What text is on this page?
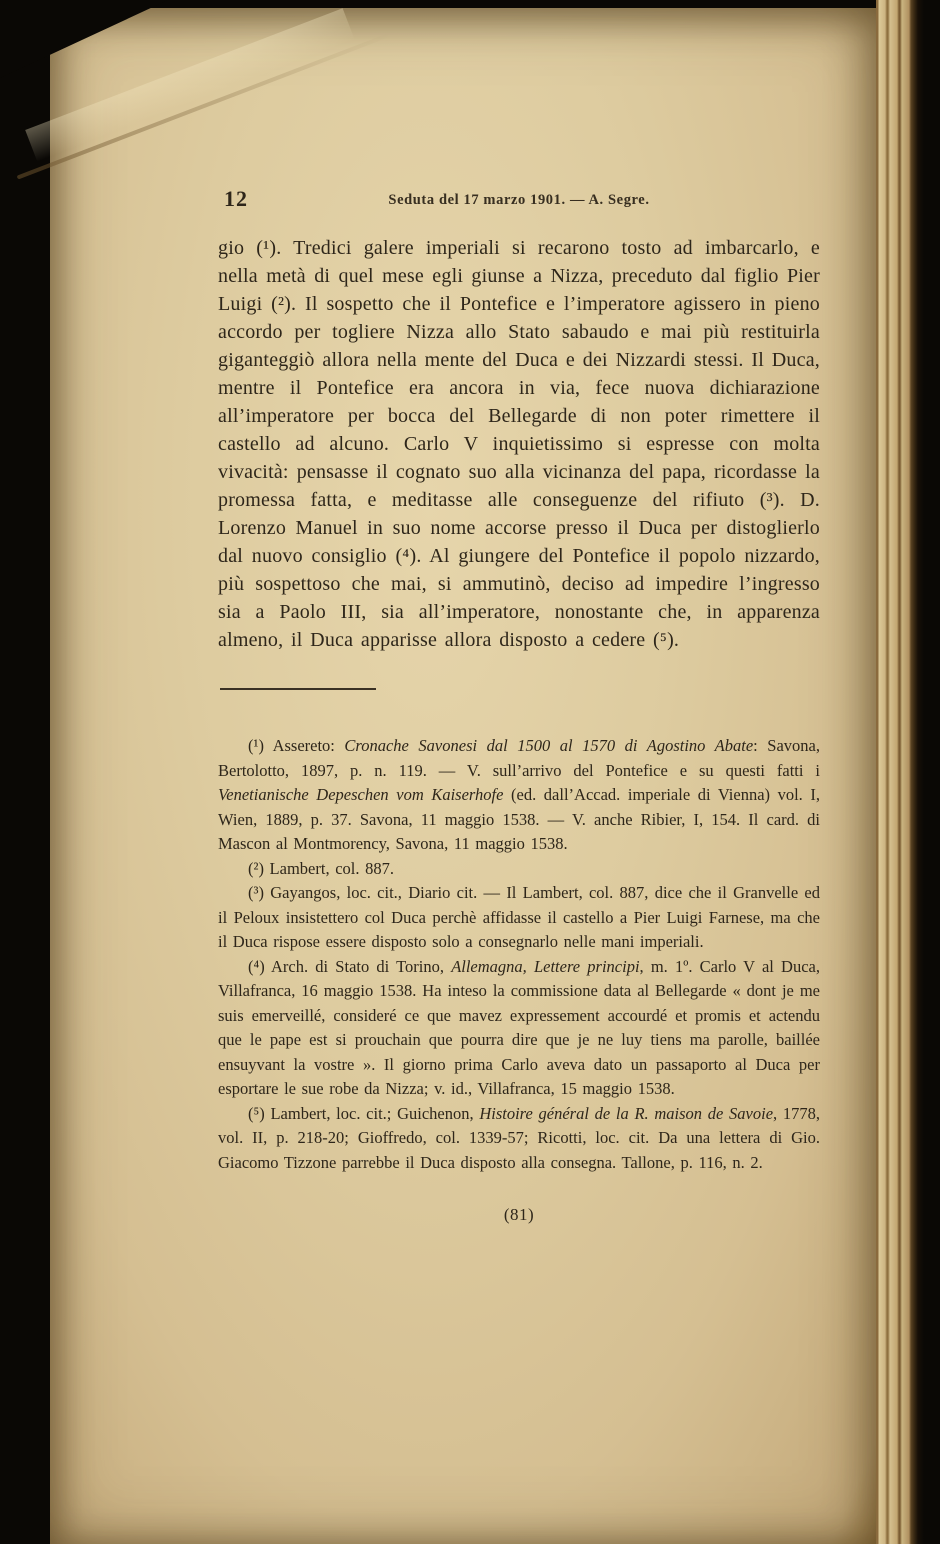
12	Seduta del 17 marzo 1901. — A. Segre.

gio (¹). Tredici galere imperiali si recarono tosto ad imbarcarlo, e nella metà di quel mese egli giunse a Nizza, preceduto dal figlio Pier Luigi (²). Il sospetto che il Pontefice e l’imperatore agissero in pieno accordo per togliere Nizza allo Stato sabaudo e mai più restituirla giganteggiò allora nella mente del Duca e dei Nizzardi stessi. Il Duca, mentre il Pontefice era ancora in via, fece nuova dichiarazione all’imperatore per bocca del Bellegarde di non poter rimettere il castello ad alcuno. Carlo V inquietissimo si espresse con molta vivacità: pensasse il cognato suo alla vicinanza del papa, ricordasse la promessa fatta, e meditasse alle conseguenze del rifiuto (³). D. Lorenzo Manuel in suo nome accorse presso il Duca per distoglierlo dal nuovo consiglio (⁴). Al giungere del Pontefice il popolo nizzardo, più sospettoso che mai, si ammutinò, deciso ad impedire l’ingresso sia a Paolo III, sia all’imperatore, nonostante che, in apparenza almeno, il Duca apparisse allora disposto a cedere (⁵).

(¹) Assereto: Cronache Savonesi dal 1500 al 1570 di Agostino Abate: Savona, Bertolotto, 1897, p. n. 119. — V. sull’arrivo del Pontefice e su questi fatti i Venetianische Depeschen vom Kaiserhofe (ed. dall’Accad. imperiale di Vienna) vol. I, Wien, 1889, p. 37. Savona, 11 maggio 1538. — V. anche Ribier, I, 154. Il card. di Mascon al Montmorency, Savona, 11 maggio 1538.

(²) Lambert, col. 887.

(³) Gayangos, loc. cit., Diario cit. — Il Lambert, col. 887, dice che il Granvelle ed il Peloux insistettero col Duca perchè affidasse il castello a Pier Luigi Farnese, ma che il Duca rispose essere disposto solo a consegnarlo nelle mani imperiali.

(⁴) Arch. di Stato di Torino, Allemagna, Lettere principi, m. 1º. Carlo V al Duca, Villafranca, 16 maggio 1538. Ha inteso la commissione data al Bellegarde « dont je me suis emerveillé, consideré ce que mavez expressement accourdé et promis et actendu que le pape est si prouchain que pourra dire que je ne luy tiens ma parolle, baillée ensuyvant la vostre ». Il giorno prima Carlo aveva dato un passaporto al Duca per esportare le sue robe da Nizza; v. id., Villafranca, 15 maggio 1538.

(⁵) Lambert, loc. cit.; Guichenon, Histoire général de la R. maison de Savoie, 1778, vol. II, p. 218-20; Gioffredo, col. 1339-57; Ricotti, loc. cit. Da una lettera di Gio. Giacomo Tizzone parrebbe il Duca disposto alla consegna. Tallone, p. 116, n. 2.

(81)
